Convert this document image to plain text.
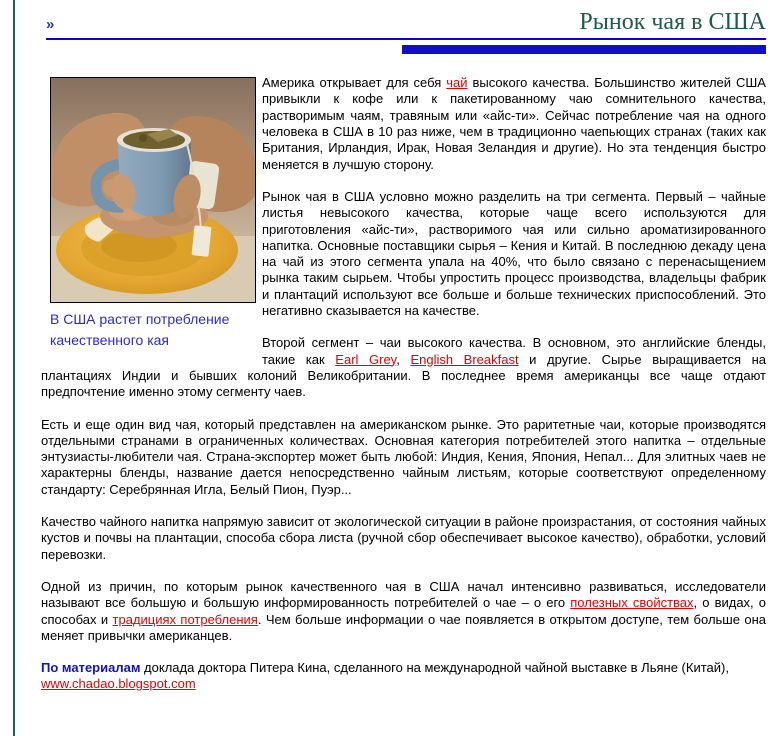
»	Рынок чая в США
В США растет потребление качественного кая

Америка открывает для себя чай высокого качества. Большинство жителей США привыкли к кофе или к пакетированному чаю сомнительного качества, растворимым чаям, травяным или «айс-ти». Сейчас потребление чая на одного человека в США в 10 раз ниже, чем в традиционно чаепьющих странах (таких как Британия, Ирландия, Ирак, Новая Зеландия и другие). Но эта тенденция быстро меняется в лучшую сторону.

Рынок чая в США условно можно разделить на три сегмента. Первый – чайные листья невысокого качества, которые чаще всего используются для приготовления «айс-ти», растворимого чая или сильно ароматизированного напитка. Основные поставщики сырья – Кения и Китай. В последнюю декаду цена на чай из этого сегмента упала на 40%, что было связано с перенасыщением рынка таким сырьем. Чтобы упростить процесс производства, владельцы фабрик и плантаций используют все больше и больше технических приспособлений. Это негативно сказывается на качестве.

Второй сегмент – чаи высокого качества. В основном, это английские бленды, такие как Earl Grey, English Breakfast и другие. Сырье выращивается на плантациях Индии и бывших колоний Великобритании. В последнее время американцы все чаще отдают предпочтение именно этому сегменту чаев.

Есть и еще один вид чая, который представлен на американском рынке. Это раритетные чаи, которые производятся отдельными странами в ограниченных количествах. Основная категория потребителей этого напитка – отдельные энтузиасты-любители чая. Страна-экспортер может быть любой: Индия, Кения, Япония, Непал... Для элитных чаев не характерны бленды, название дается непосредственно чайным листьям, которые соответствуют определенному стандарту: Серебрянная Игла, Белый Пион, Пуэр...

Качество чайного напитка напрямую зависит от экологической ситуации в районе произрастания, от состояния чайных кустов и почвы на плантации, способа сбора листа (ручной сбор обеспечивает высокое качество), обработки, условий перевозки.

Одной из причин, по которым рынок качественного чая в США начал интенсивно развиваться, исследователи называют все большую и большую информированность потребителей о чае – о его полезных свойствах, о видах, о способах и традициях потребления. Чем больше информации о чае появляется в открытом доступе, тем больше она меняет привычки американцев.

По материалам доклада доктора Питера Кина, сделанного на международной чайной выставке в Льяне (Китай),
www.chadao.blogspot.com
